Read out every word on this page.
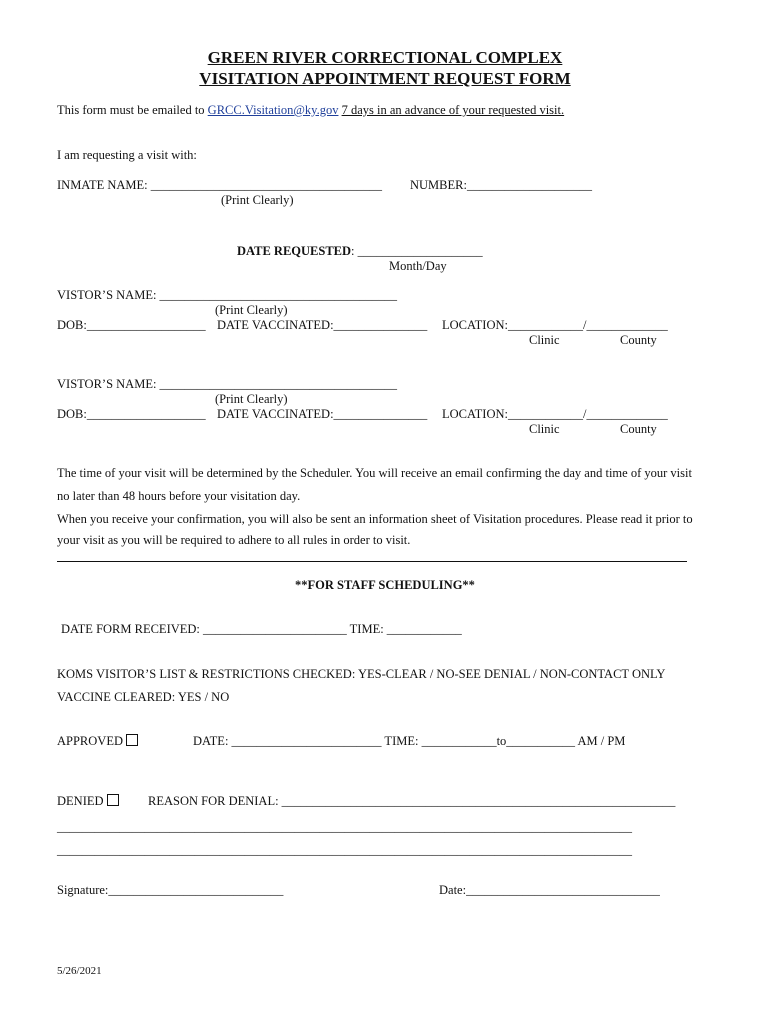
GREEN RIVER CORRECTIONAL COMPLEX
VISITATION APPOINTMENT REQUEST FORM
This form must be emailed to GRCC.Visitation@ky.gov 7 days in an advance of your requested visit.
I am requesting a visit with:
INMATE NAME: _____________________________________ NUMBER:____________________
(Print Clearly)
DATE REQUESTED: ____________________
Month/Day
VISTOR’S NAME: ______________________________________
(Print Clearly)
DOB:___________________ DATE VACCINATED:_______________ LOCATION:____________/_____________
Clinic	County
VISTOR’S NAME: ______________________________________
(Print Clearly)
DOB:___________________ DATE VACCINATED:_______________ LOCATION:____________/_____________
Clinic	County
The time of your visit will be determined by the Scheduler. You will receive an email confirming the day and time of your visit
no later than 48 hours before your visitation day.
When you receive your confirmation, you will also be sent an information sheet of Visitation procedures. Please read it prior to
your visit as you will be required to adhere to all rules in order to visit.
**FOR STAFF SCHEDULING**
DATE FORM RECEIVED: _______________________ TIME: ____________
KOMS VISITOR’S LIST & RESTRICTIONS CHECKED: YES-CLEAR / NO-SEE DENIAL / NON-CONTACT ONLY
VACCINE CLEARED: YES / NO
APPROVED	DATE: ________________________ TIME: ____________to___________ AM / PM
DENIED	REASON FOR DENIAL: _______________________________________________________________
____________________________________________________________________________________________
____________________________________________________________________________________________
Signature:____________________________	Date:_______________________________
5/26/2021
